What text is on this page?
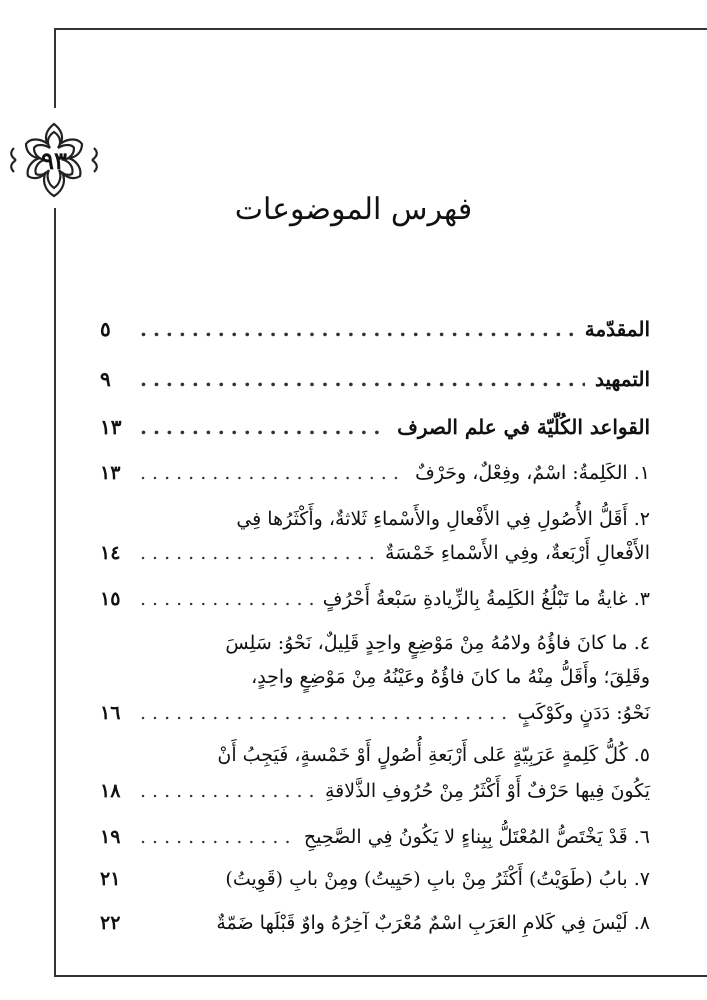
٩٣
فهرس الموضوعات
المقدّمة
.....
٥
التمهيد
.....
٩
القواعد الكُلّيّة في علم الصرف
.....
١٣
١. الكَلِمةُ: اسْمٌ، وفِعْلٌ، وحَرْفٌ
.....
١٣
٢. أَقَلُّ الأُصُولِ فِي الأَفْعالِ والأَسْماءِ ثَلاثةٌ، وأَكْثَرُها فِي
الأَفْعالِ أَرْبَعةٌ، وفِي الأَسْماءِ خَمْسَةٌ
.....
١٤
٣. غايةُ ما تَبْلُغُ الكَلِمةُ بِالزِّيادةِ سَبْعةُ أَحْرُفٍ
.....
١٥
٤. ما كانَ فاؤُهُ ولامُهُ مِنْ مَوْضِعٍ واحِدٍ قَلِيلٌ، نَحْوُ: سَلِسَ
وقَلِقَ؛ وأَقَلُّ مِنْهُ ما كانَ فاؤُهُ وعَيْنُهُ مِنْ مَوْضِعٍ واحِدٍ،
نَحْوُ: دَدَنٍ وكَوْكَبٍ
.....
١٦
٥. كُلُّ كَلِمةٍ عَرَبِيّةٍ عَلى أَرْبَعةِ أُصُولٍ أَوْ خَمْسةٍ، فَيَجِبُ أَنْ
يَكُونَ فِيها حَرْفٌ أَوْ أَكْثَرُ مِنْ حُرُوفِ الذَّلاقةِ
.....
١٨
٦. قَدْ يَخْتَصُّ المُعْتَلُّ بِبِناءٍ لا يَكُونُ فِي الصَّحِيحِ
.....
١٩
٧. بابُ (طَوَيْتُ) أَكْثَرُ مِنْ بابِ (حَيِيتُ) ومِنْ بابِ (قَوِيتُ)
٢١
٨. لَيْسَ فِي كَلامِ العَرَبِ اسْمٌ مُعْرَبٌ آخِرُهُ واوٌ قَبْلَها ضَمّةٌ
٢٢
